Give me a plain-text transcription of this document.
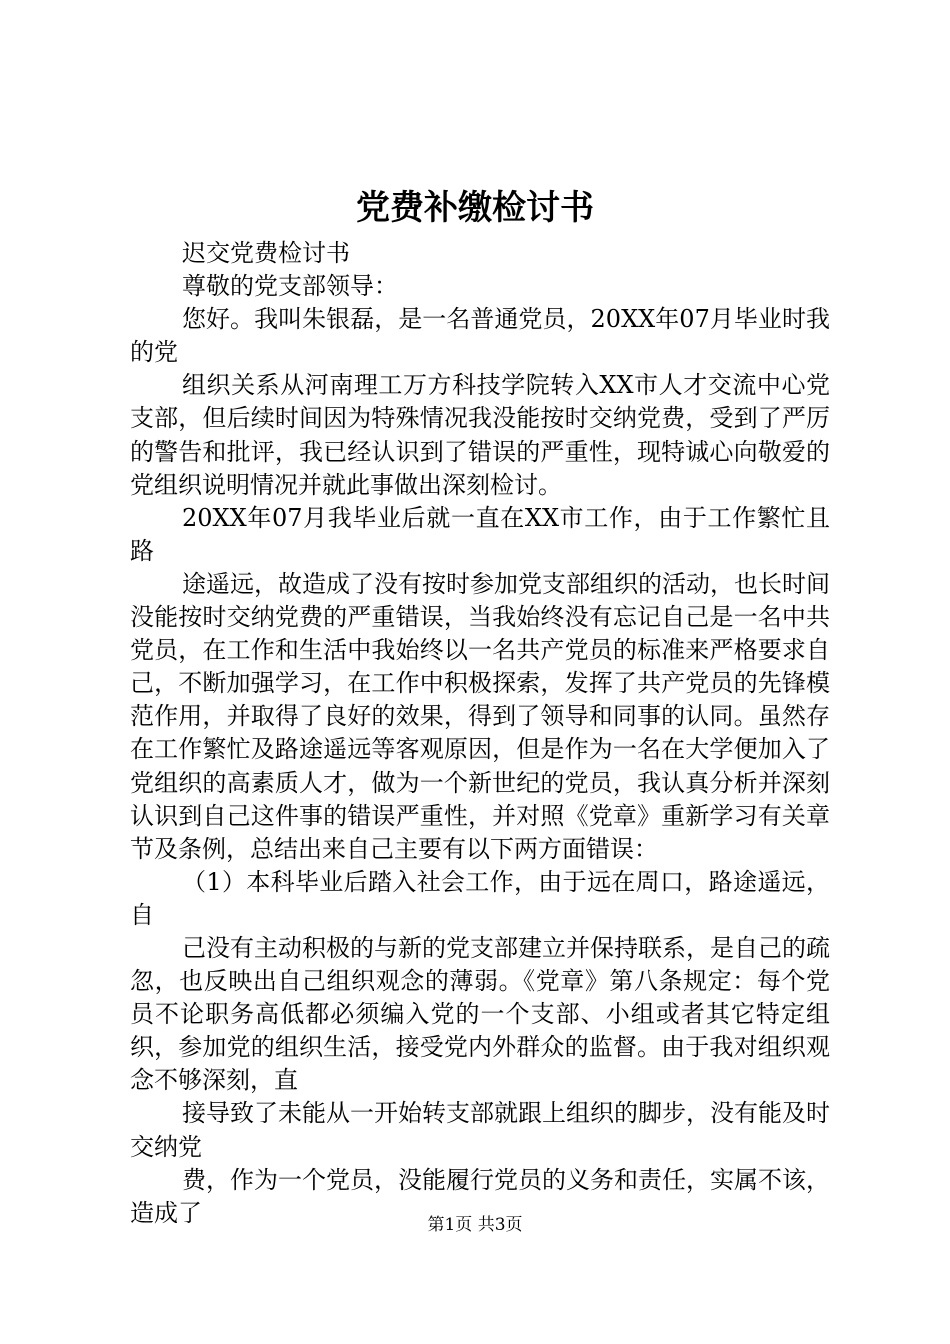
党费补缴检讨书

迟交党费检讨书

尊敬的党支部领导：

您好。我叫朱银磊，是一名普通党员，20XX年07月毕业时我的党

组织关系从河南理工万方科技学院转入XX市人才交流中心党支部，但后续时间因为特殊情况我没能按时交纳党费，受到了严厉的警告和批评，我已经认识到了错误的严重性，现特诚心向敬爱的党组织说明情况并就此事做出深刻检讨。

20XX年07月我毕业后就一直在XX市工作，由于工作繁忙且路

途遥远，故造成了没有按时参加党支部组织的活动，也长时间没能按时交纳党费的严重错误，当我始终没有忘记自己是一名中共党员，在工作和生活中我始终以一名共产党员的标准来严格要求自己，不断加强学习，在工作中积极探索，发挥了共产党员的先锋模范作用，并取得了良好的效果，得到了领导和同事的认同。虽然存在工作繁忙及路途遥远等客观原因，但是作为一名在大学便加入了党组织的高素质人才，做为一个新世纪的党员，我认真分析并深刻认识到自己这件事的错误严重性，并对照《党章》重新学习有关章节及条例，总结出来自己主要有以下两方面错误：

（1）本科毕业后踏入社会工作，由于远在周口，路途遥远，自

己没有主动积极的与新的党支部建立并保持联系，是自己的疏忽，也反映出自己组织观念的薄弱。《党章》第八条规定：每个党员不论职务高低都必须编入党的一个支部、小组或者其它特定组织，参加党的组织生活，接受党内外群众的监督。由于我对组织观念不够深刻，直

接导致了未能从一开始转支部就跟上组织的脚步，没有能及时交纳党

费，作为一个党员，没能履行党员的义务和责任，实属不该，造成了	第1页 共3页
